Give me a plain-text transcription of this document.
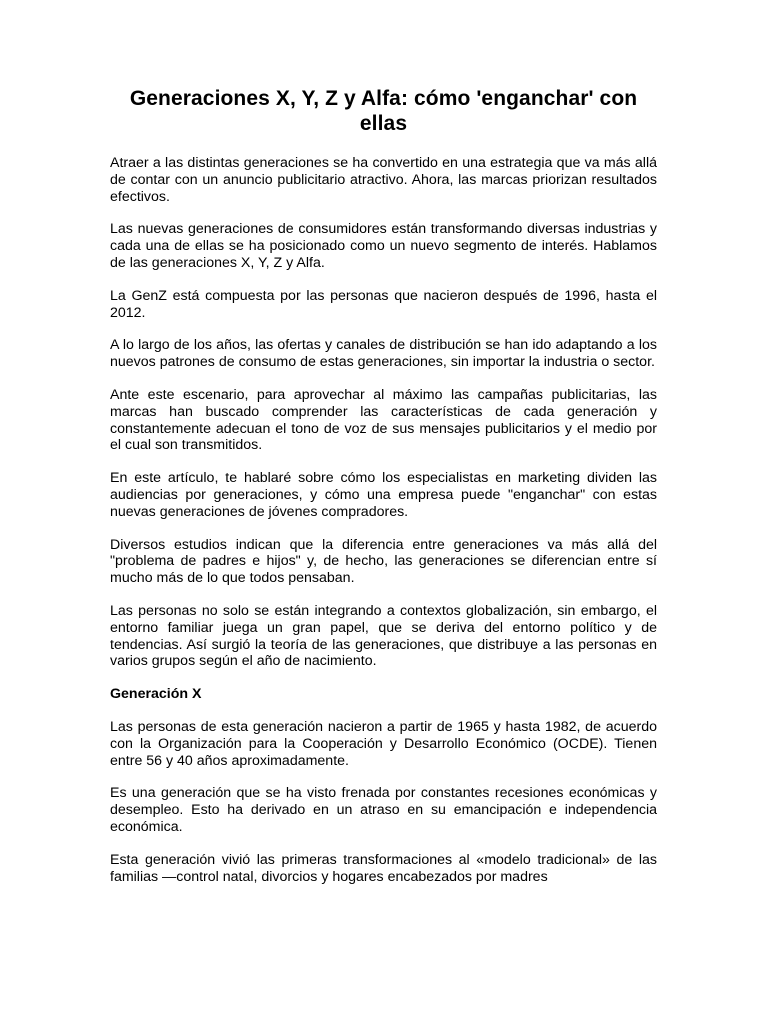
Generaciones X, Y, Z y Alfa: cómo 'enganchar' con ellas

Atraer a las distintas generaciones se ha convertido en una estrategia que va más allá de contar con un anuncio publicitario atractivo. Ahora, las marcas priorizan resultados efectivos.

Las nuevas generaciones de consumidores están transformando diversas industrias y cada una de ellas se ha posicionado como un nuevo segmento de interés. Hablamos de las generaciones X, Y, Z y Alfa.

La GenZ está compuesta por las personas que nacieron después de 1996, hasta el 2012.

A lo largo de los años, las ofertas y canales de distribución se han ido adaptando a los nuevos patrones de consumo de estas generaciones, sin importar la industria o sector.

Ante este escenario, para aprovechar al máximo las campañas publicitarias, las marcas han buscado comprender las características de cada generación y constantemente adecuan el tono de voz de sus mensajes publicitarios y el medio por el cual son transmitidos.

En este artículo, te hablaré sobre cómo los especialistas en marketing dividen las audiencias por generaciones, y cómo una empresa puede "enganchar" con estas nuevas generaciones de jóvenes compradores.

Diversos estudios indican que la diferencia entre generaciones va más allá del "problema de padres e hijos" y, de hecho, las generaciones se diferencian entre sí mucho más de lo que todos pensaban.

Las personas no solo se están integrando a contextos globalización, sin embargo, el entorno familiar juega un gran papel, que se deriva del entorno político y de tendencias. Así surgió la teoría de las generaciones, que distribuye a las personas en varios grupos según el año de nacimiento.

Generación X

Las personas de esta generación nacieron a partir de 1965 y hasta 1982, de acuerdo con la Organización para la Cooperación y Desarrollo Económico (OCDE). Tienen entre 56 y 40 años aproximadamente.

Es una generación que se ha visto frenada por constantes recesiones económicas y desempleo. Esto ha derivado en un atraso en su emancipación e independencia económica.

Esta generación vivió las primeras transformaciones al «modelo tradicional» de las familias —control natal, divorcios y hogares encabezados por madres
